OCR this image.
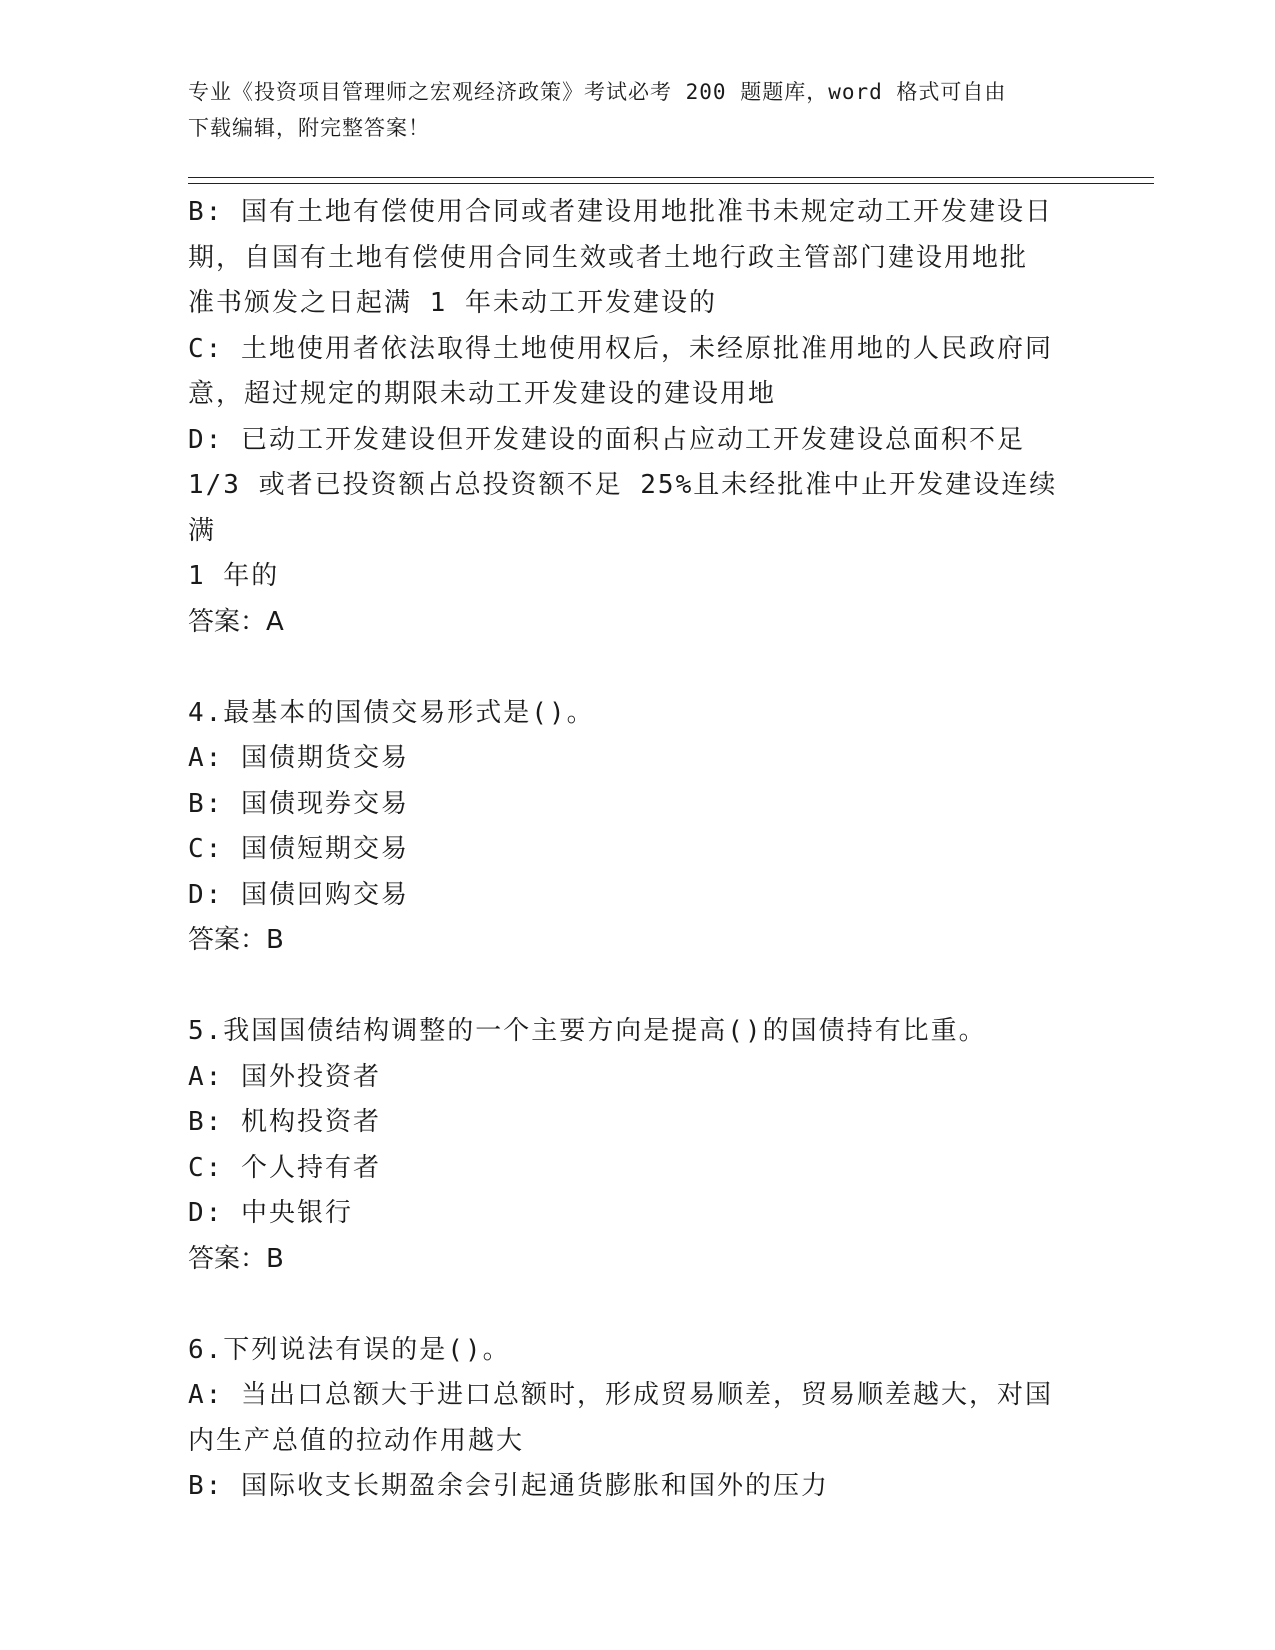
专业《投资项目管理师之宏观经济政策》考试必考 200 题题库，word 格式可自由
下载编辑，附完整答案！
B: 国有土地有偿使用合同或者建设用地批准书未规定动工开发建设日
期，自国有土地有偿使用合同生效或者土地行政主管部门建设用地批
准书颁发之日起满 1 年未动工开发建设的
C: 土地使用者依法取得土地使用权后，未经原批准用地的人民政府同
意，超过规定的期限未动工开发建设的建设用地
D: 已动工开发建设但开发建设的面积占应动工开发建设总面积不足
1/3 或者已投资额占总投资额不足 25%且未经批准中止开发建设连续满
1 年的
答案：A
4.最基本的国债交易形式是()。
A: 国债期货交易
B: 国债现券交易
C: 国债短期交易
D: 国债回购交易
答案：B
5.我国国债结构调整的一个主要方向是提高()的国债持有比重。
A: 国外投资者
B: 机构投资者
C: 个人持有者
D: 中央银行
答案：B
6.下列说法有误的是()。
A: 当出口总额大于进口总额时，形成贸易顺差，贸易顺差越大，对国
内生产总值的拉动作用越大
B: 国际收支长期盈余会引起通货膨胀和国外的压力
